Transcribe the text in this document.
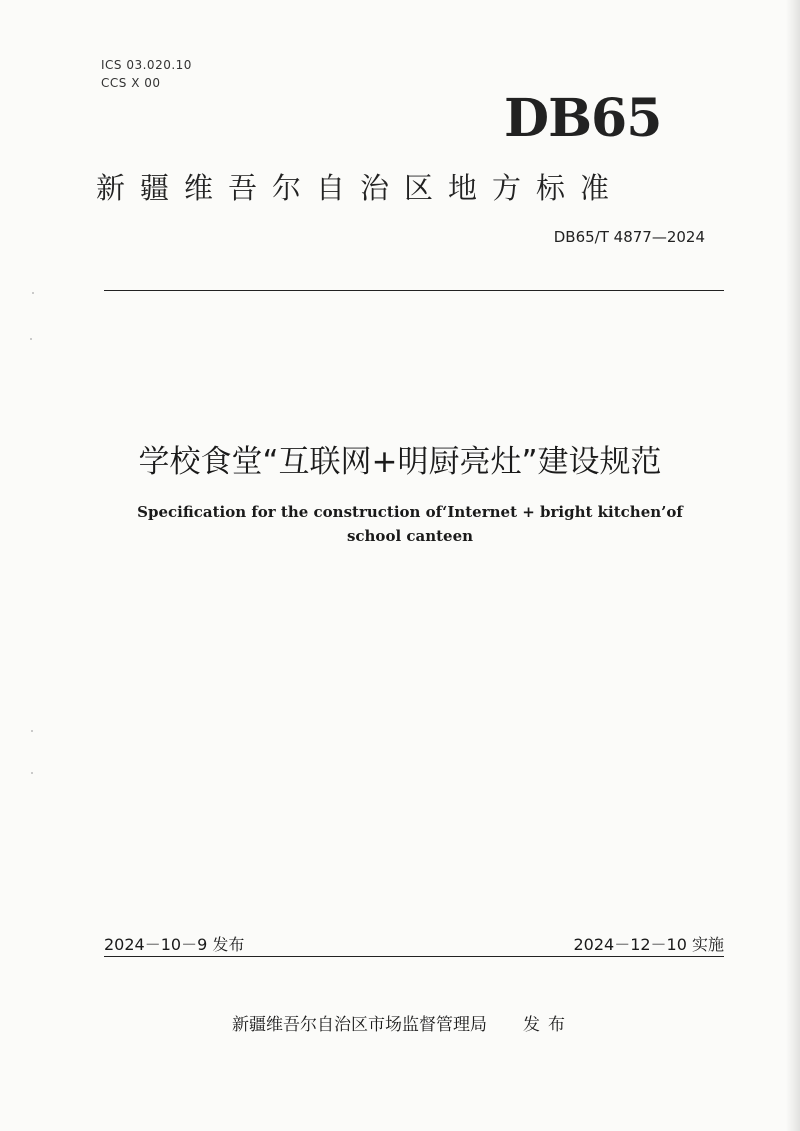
ICS 03.020.10
CCS X 00
DB65
新疆维吾尔自治区地方标准
DB65/T 4877—2024
学校食堂“互联网+明厨亮灶”建设规范
Specification for the construction of‘Internet + bright kitchen’of school canteen
2024－10－9 发布	2024－12－10 实施
新疆维吾尔自治区市场监督管理局 发布
